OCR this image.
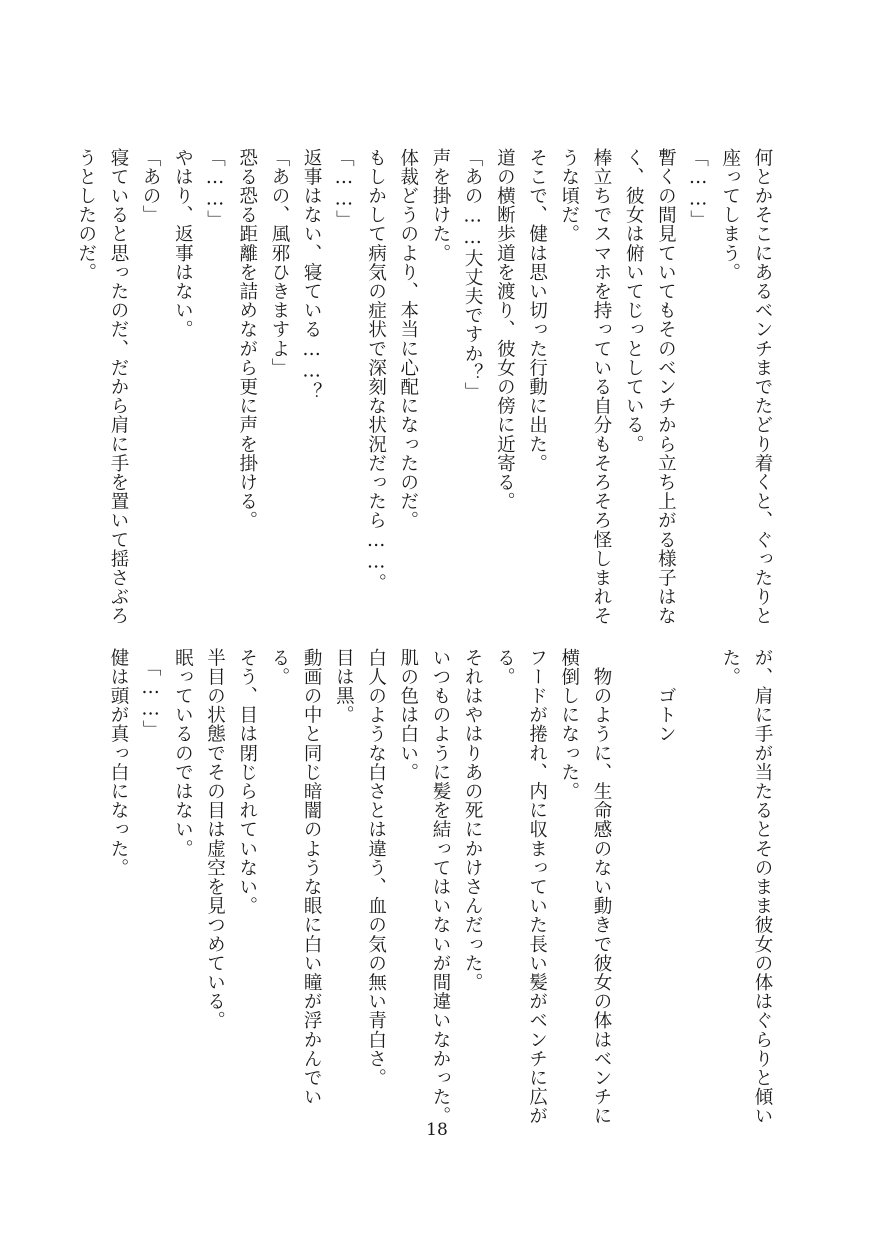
何とかそこにあるベンチまでたどり着くと、ぐったりと
座ってしまう。
「……」
暫くの間見ていてもそのベンチから立ち上がる様子はな
く、彼女は俯いてじっとしている。
棒立ちでスマホを持っている自分もそろそろ怪しまれそ
うな頃だ。
そこで、健は思い切った行動に出た。
道の横断歩道を渡り、彼女の傍に近寄る。
「あの……大丈夫ですか？」
声を掛けた。
体裁どうのより、本当に心配になったのだ。
もしかして病気の症状で深刻な状況だったら……。
「……」
返事はない、寝ている……？
「あの、風邪ひきますよ」
恐る恐る距離を詰めながら更に声を掛ける。
「……」
やはり、返事はない。
「あの」
寝ていると思ったのだ、だから肩に手を置いて揺さぶろ
うとしたのだ。
が、肩に手が当たるとそのまま彼女の体はぐらりと傾い
た。

　　ゴトン

　物のように、生命感のない動きで彼女の体はベンチに
横倒しになった。
フードが捲れ、内に収まっていた長い髪がベンチに広が
る。
それはやはりあの死にかけさんだった。
いつものように髪を結ってはいないが間違いなかった。
肌の色は白い。
白人のような白さとは違う、血の気の無い青白さ。
目は黒。
動画の中と同じ暗闇のような眼に白い瞳が浮かんでい
る。
そう、目は閉じられていない。
半目の状態でその目は虚空を見つめている。
眠っているのではない。
　「……」
健は頭が真っ白になった。
18
